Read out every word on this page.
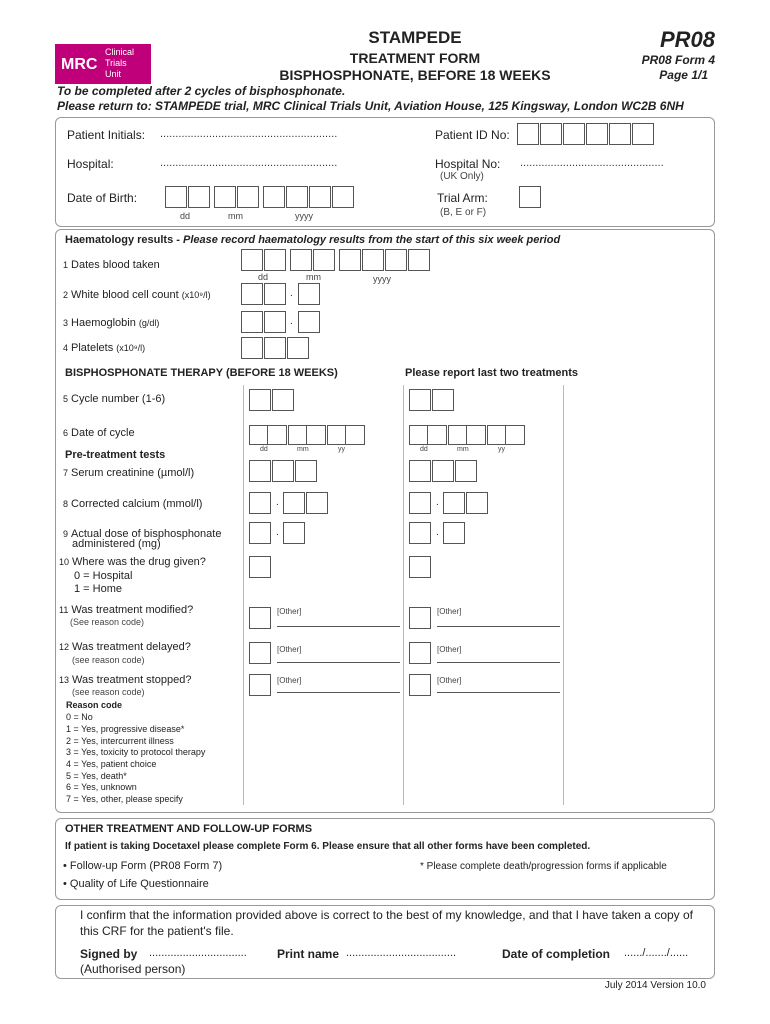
MRC
Clinical
Trials
Unit
STAMPEDE
TREATMENT FORM
BISPHOSPHONATE, BEFORE 18 WEEKS
PR08
PR08 Form 4
Page 1/1
To be completed after 2 cycles of bisphosphonate.
Please return to: STAMPEDE trial, MRC Clinical Trials Unit, Aviation House, 125 Kingsway, London WC2B 6NH
Patient Initials: ..........................................................
Hospital:	..........................................................
Date of Birth:
dd	mm	yyyy
Patient ID No:
Hospital No: ...............................................
(UK Only)
Trial Arm:
(B, E or F)
Haematology results - Please record haematology results from the start of this six week period
1 Dates blood taken
dd	mm	yyyy
2 White blood cell count (x10⁹/l)	.
3 Haemoglobin (g/dl)	.
4 Platelets (x10⁹/l)
BISPHOSPHONATE THERAPY (BEFORE 18 WEEKS)	Please report last two treatments
5 Cycle number (1-6)
6 Date of cycle
dd	mm	yy	dd	mm	yy
Pre-treatment tests
7 Serum creatinine (µmol/l)
8 Corrected calcium (mmol/l)	.	.
9 Actual dose of bisphosphonate
administered (mg)
.	.
10 Where was the drug given?
0 = Hospital
1 = Home
11 Was treatment modified?
(See reason code)
[Other]	[Other]
12 Was treatment delayed?
(see reason code)
[Other]	[Other]
13 Was treatment stopped?
(see reason code)
[Other]	[Other]
Reason code
0 = No
1 = Yes, progressive disease*
2 = Yes, intercurrent illness
3 = Yes, toxicity to protocol therapy
4 = Yes, patient choice
5 = Yes, death*
6 = Yes, unknown
7 = Yes, other, please specify
OTHER TREATMENT AND FOLLOW-UP FORMS
If patient is taking Docetaxel please complete Form 6. Please ensure that all other forms have been completed.
• Follow-up Form (PR08 Form 7)
• Quality of Life Questionnaire
* Please complete death/progression forms if applicable
I confirm that the information provided above is correct to the best of my knowledge, and that I have taken a copy of this CRF for the patient's file.
Signed by ................................	Print name ....................................	Date of completion ....../......./......
(Authorised person)
July 2014 Version 10.0
